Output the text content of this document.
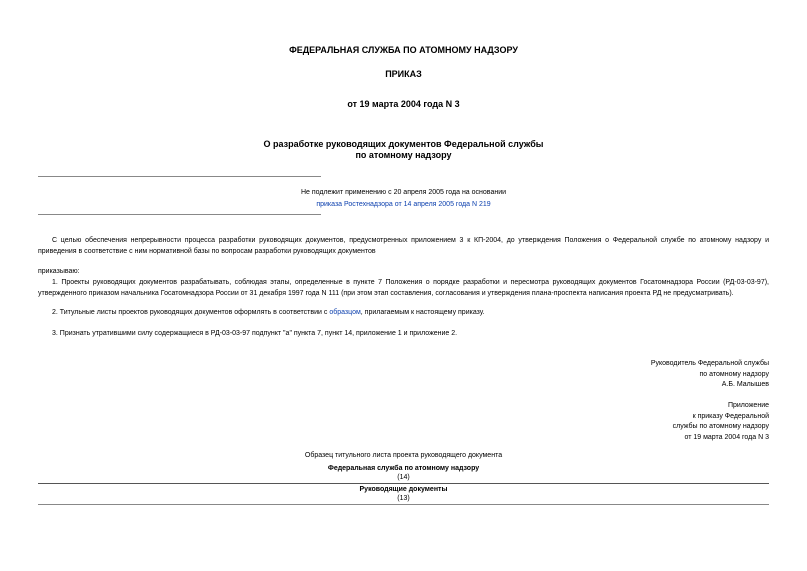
ФЕДЕРАЛЬНАЯ СЛУЖБА ПО АТОМНОМУ НАДЗОРУ
ПРИКАЗ
от 19 марта 2004 года N 3
О разработке руководящих документов Федеральной службы
по атомному надзору
Не подлежит применению с 20 апреля 2005 года на основании
приказа Ростехнадзора от 14 апреля 2005 года N 219
С целью обеспечения непрерывности процесса разработки руководящих документов, предусмотренных приложением 3 к КП-2004, до утверждения Положения о Федеральной службе по атомному надзору и приведения в соответствие с ним нормативной базы по вопросам разработки руководящих документов
приказываю:
1. Проекты руководящих документов разрабатывать, соблюдая этапы, определенные в пункте 7 Положения о порядке разработки и пересмотра руководящих документов Госатомнадзора России (РД-03-03-97), утвержденного приказом начальника Госатомнадзора России от 31 декабря 1997 года N 111 (при этом этап составления, согласования и утверждения плана-проспекта написания проекта РД не предусматривать).
2. Титульные листы проектов руководящих документов оформлять в соответствии с образцом, прилагаемым к настоящему приказу.
3. Признать утратившими силу содержащиеся в РД-03-03-97 подпункт "а" пункта 7, пункт 14, приложение 1 и приложение 2.
Руководитель Федеральной службы
по атомному надзору
А.Б. Малышев
Приложение
к приказу Федеральной
службы по атомному надзору
от 19 марта 2004 года N 3
Образец титульного листа проекта руководящего документа
Федеральная служба по атомному надзору
(14)
Руководящие документы
(13)
